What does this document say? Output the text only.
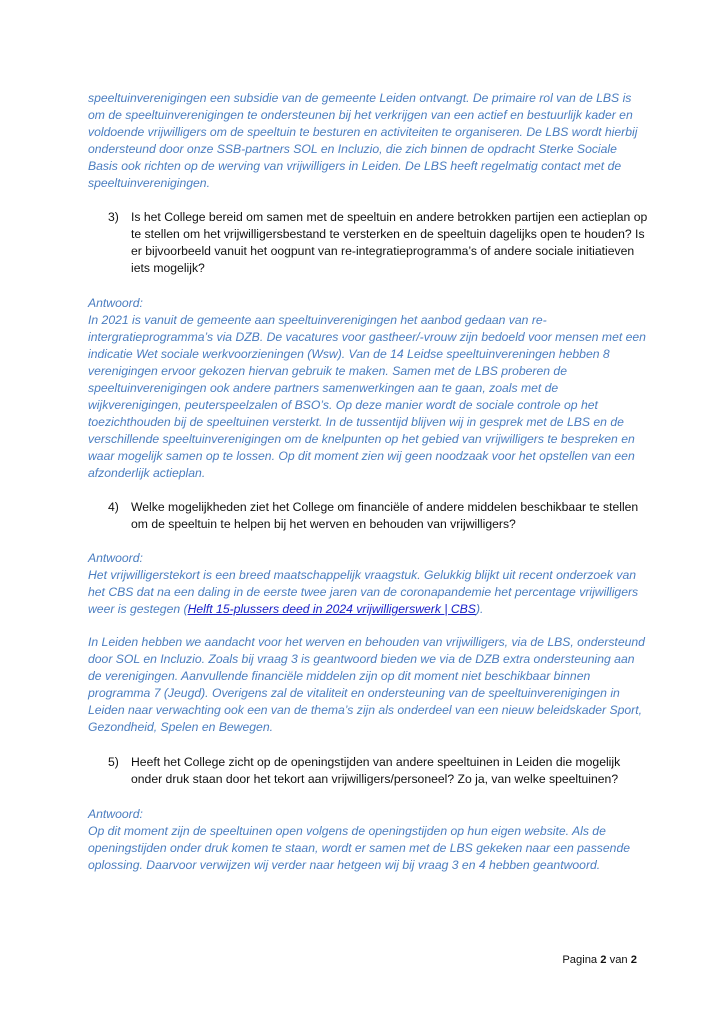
speeltuinverenigingen een subsidie van de gemeente Leiden ontvangt. De primaire rol van de LBS is om de speeltuinverenigingen te ondersteunen bij het verkrijgen van een actief en bestuurlijk kader en voldoende vrijwilligers om de speeltuin te besturen en activiteiten te organiseren. De LBS wordt hierbij ondersteund door onze SSB-partners SOL en Incluzio, die zich binnen de opdracht Sterke Sociale Basis ook richten op de werving van vrijwilligers in Leiden. De LBS heeft regelmatig contact met de speeltuinverenigingen.

3) Is het College bereid om samen met de speeltuin en andere betrokken partijen een actieplan op te stellen om het vrijwilligersbestand te versterken en de speeltuin dagelijks open te houden? Is er bijvoorbeeld vanuit het oogpunt van re-integratieprogramma’s of andere sociale initiatieven iets mogelijk?

Antwoord:

In 2021 is vanuit de gemeente aan speeltuinverenigingen het aanbod gedaan van re-intergratieprogramma’s via DZB. De vacatures voor gastheer/-vrouw zijn bedoeld voor mensen met een indicatie Wet sociale werkvoorzieningen (Wsw). Van de 14 Leidse speeltuinvereningen hebben 8 verenigingen ervoor gekozen hiervan gebruik te maken. Samen met de LBS proberen de speeltuinverenigingen ook andere partners samenwerkingen aan te gaan, zoals met de wijkverenigingen, peuterspeelzalen of BSO’s. Op deze manier wordt de sociale controle op het toezichthouden bij de speeltuinen versterkt. In de tussentijd blijven wij in gesprek met de LBS en de verschillende speeltuinverenigingen om de knelpunten op het gebied van vrijwilligers te bespreken en waar mogelijk samen op te lossen. Op dit moment zien wij geen noodzaak voor het opstellen van een afzonderlijk actieplan.

4) Welke mogelijkheden ziet het College om financiële of andere middelen beschikbaar te stellen om de speeltuin te helpen bij het werven en behouden van vrijwilligers?

Antwoord:

Het vrijwilligerstekort is een breed maatschappelijk vraagstuk. Gelukkig blijkt uit recent onderzoek van het CBS dat na een daling in de eerste twee jaren van de coronapandemie het percentage vrijwilligers weer is gestegen (Helft 15-plussers deed in 2024 vrijwilligerswerk | CBS).

In Leiden hebben we aandacht voor het werven en behouden van vrijwilligers, via de LBS, ondersteund door SOL en Incluzio. Zoals bij vraag 3 is geantwoord bieden we via de DZB extra ondersteuning aan de verenigingen. Aanvullende financiële middelen zijn op dit moment niet beschikbaar binnen programma 7 (Jeugd). Overigens zal de vitaliteit en ondersteuning van de speeltuinverenigingen in Leiden naar verwachting ook een van de thema’s zijn als onderdeel van een nieuw beleidskader Sport, Gezondheid, Spelen en Bewegen.

5) Heeft het College zicht op de openingstijden van andere speeltuinen in Leiden die mogelijk onder druk staan door het tekort aan vrijwilligers/personeel? Zo ja, van welke speeltuinen?

Antwoord:

Op dit moment zijn de speeltuinen open volgens de openingstijden op hun eigen website. Als de openingstijden onder druk komen te staan, wordt er samen met de LBS gekeken naar een passende oplossing. Daarvoor verwijzen wij verder naar hetgeen wij bij vraag 3 en 4 hebben geantwoord.

Pagina 2 van 2
